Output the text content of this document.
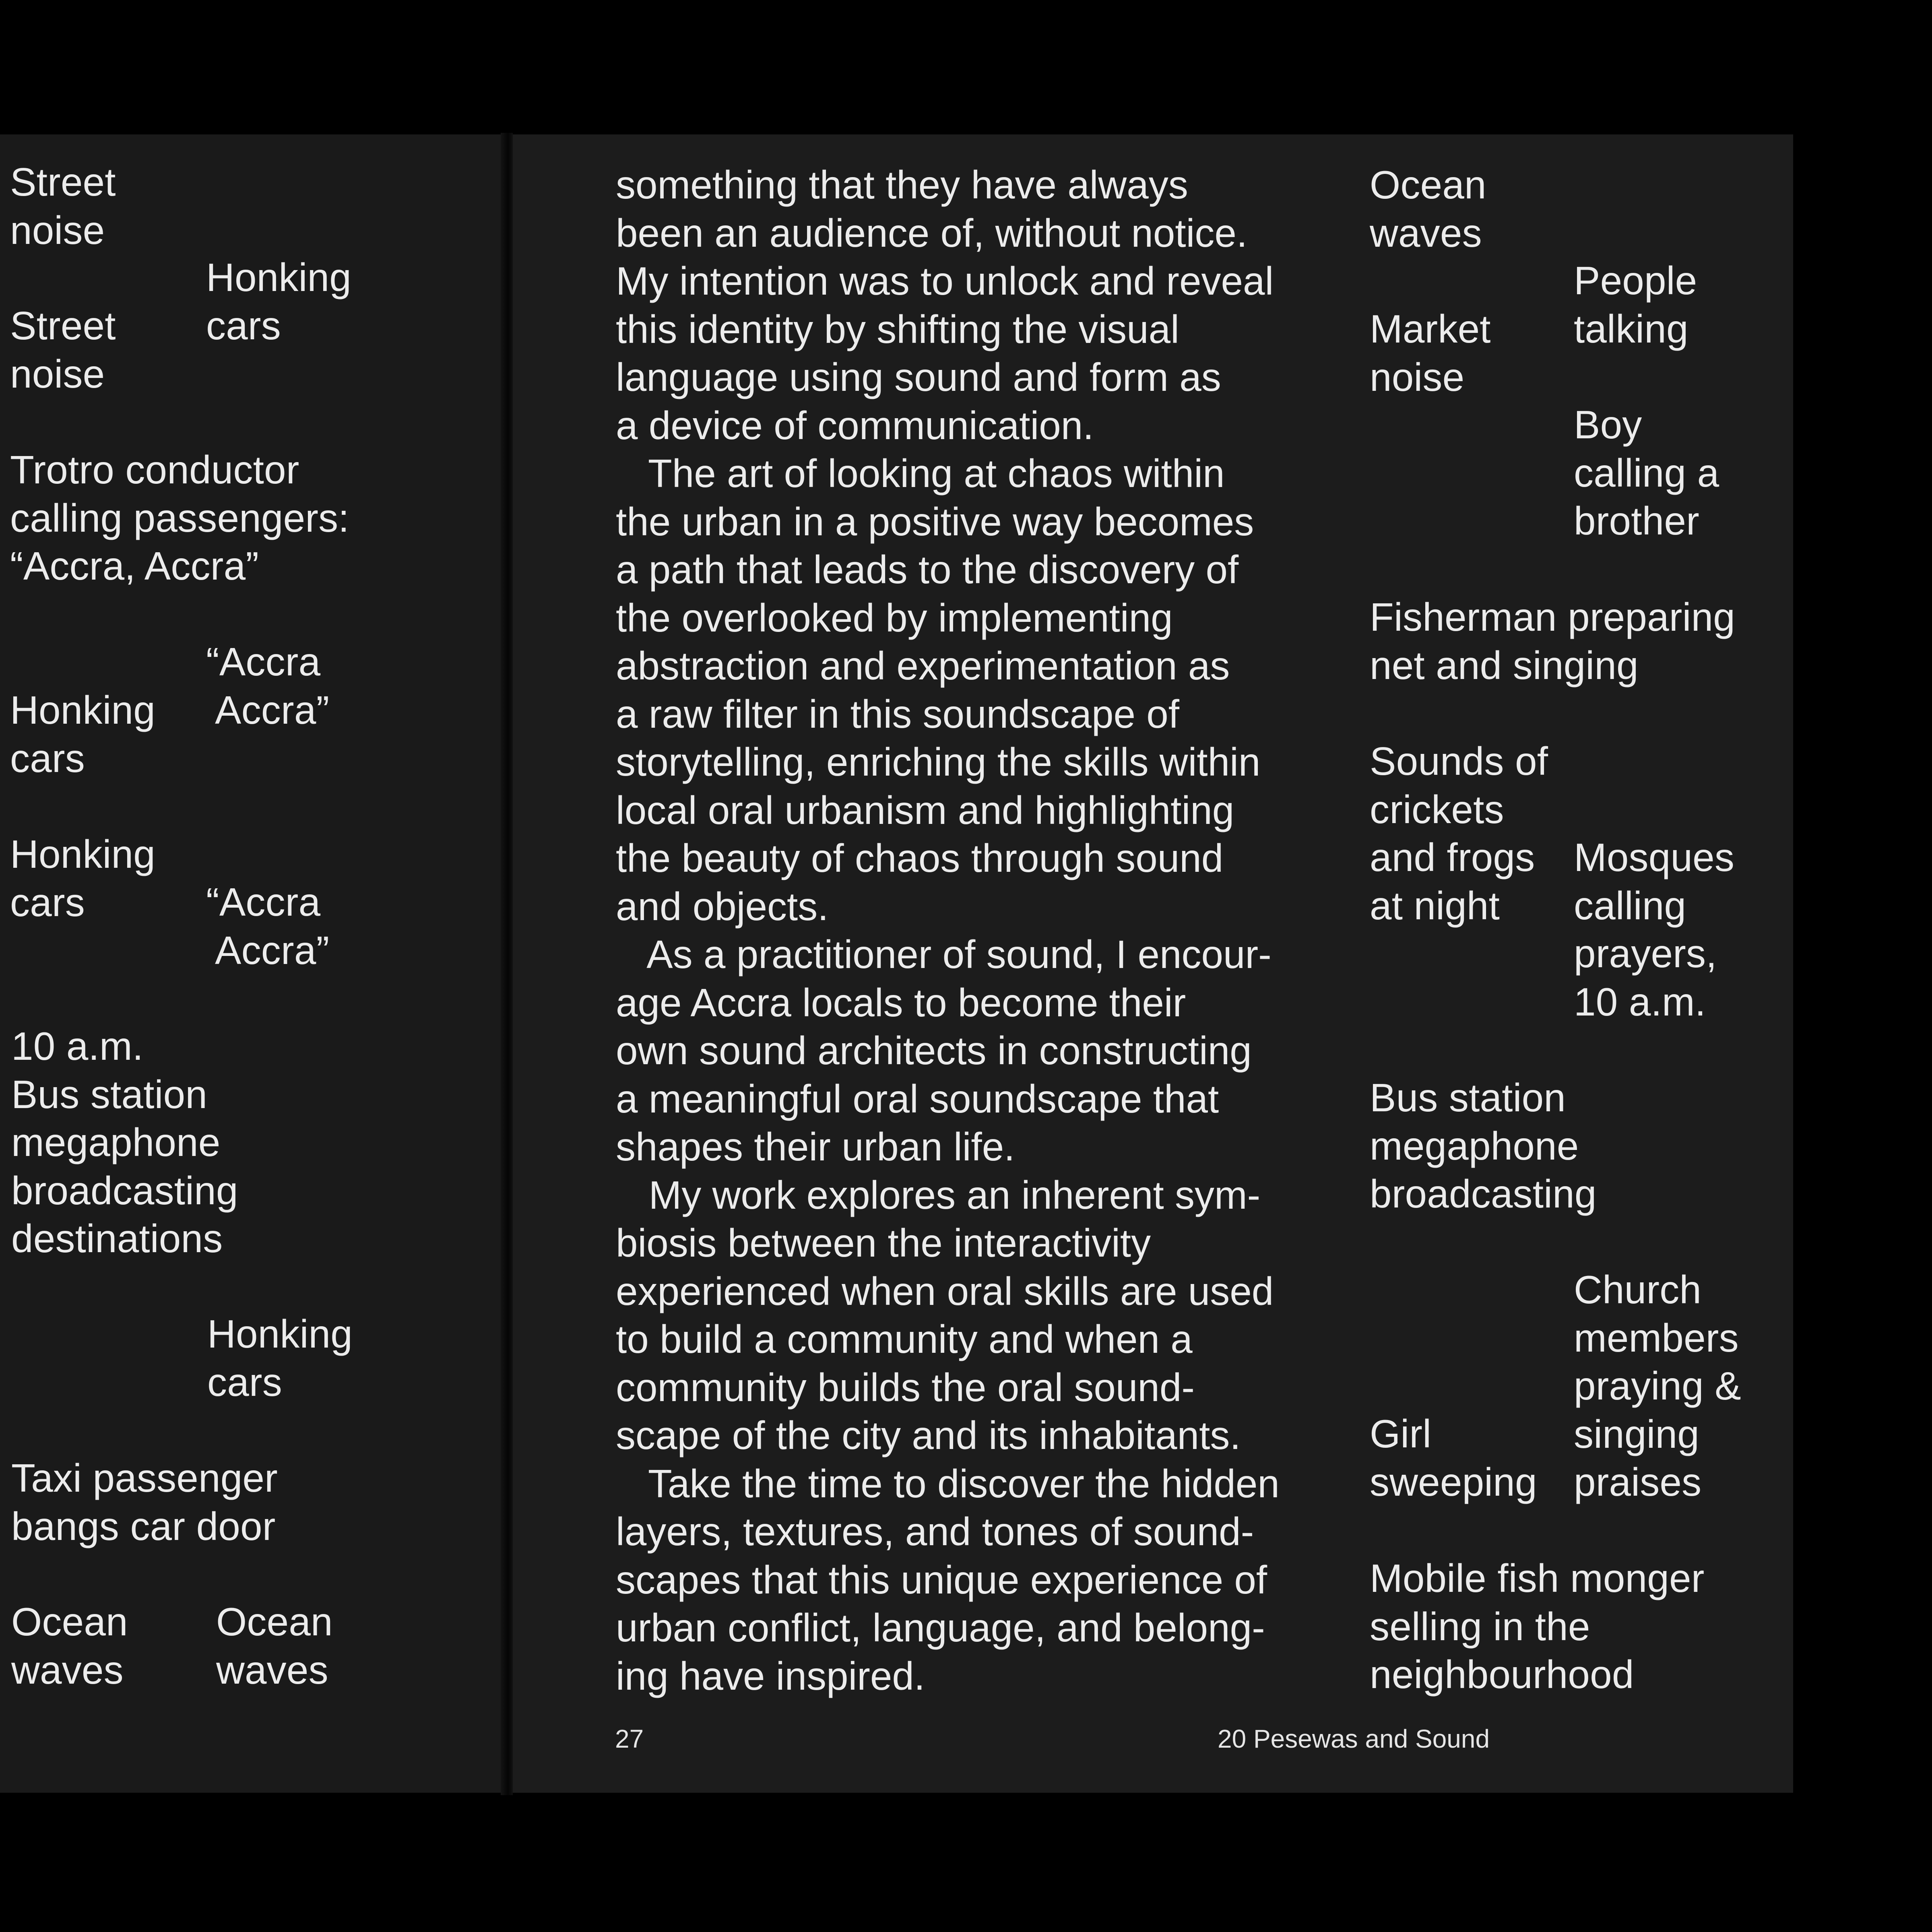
Street
noise

Honking
cars

Street
noise

Trotro conductor
calling passengers:
“Accra, Accra”

“Accra
Accra”

Honking
cars

Honking
cars	“Accra
Accra”

10 a.m.
Bus station
megaphone
broadcasting
destinations

Honking
cars

Taxi passenger
bangs car door

Ocean
waves

Ocean
waves

something that they have always
been an audience of, without notice.
My intention was to unlock and reveal
this identity by shifting the visual
language using sound and form as
a device of communication.
The art of looking at chaos within
the urban in a positive way becomes
a path that leads to the discovery of
the overlooked by implementing
abstraction and experimentation as
a raw filter in this soundscape of
storytelling, enriching the skills within
local oral urbanism and highlighting
the beauty of chaos through sound
and objects.
As a practitioner of sound, I encour-
age Accra locals to become their
own sound architects in constructing
a meaningful oral soundscape that
shapes their urban life.
My work explores an inherent sym-
biosis between the interactivity
experienced when oral skills are used
to build a community and when a
community builds the oral sound-
scape of the city and its inhabitants.
Take the time to discover the hidden
layers, textures, and tones of sound-
scapes that this unique experience of
urban conflict, language, and belong-
ing have inspired.

Ocean
waves

People
talking

Market
noise

Boy
calling a
brother

Fisherman preparing
net and singing

Sounds of
crickets
and frogs
at night

Mosques
calling
prayers,
10 a.m.

Bus station
megaphone
broadcasting

Church
members
praying &
singing
praises

Girl
sweeping

Mobile fish monger
selling in the
neighbourhood

27	20 Pesewas and Sound
